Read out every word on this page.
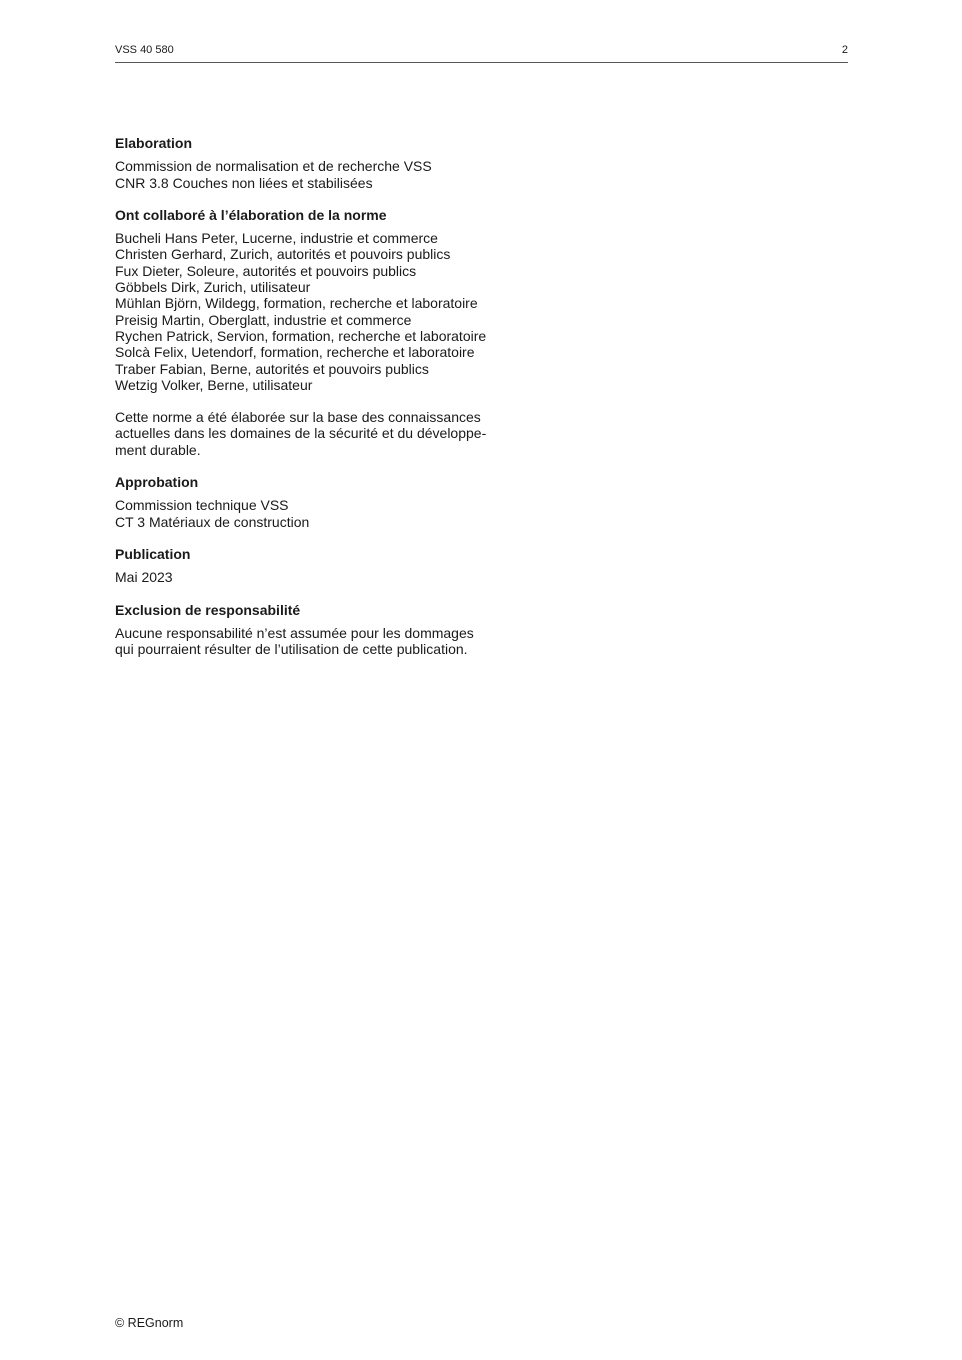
VSS 40 580	2
Elaboration
Commission de normalisation et de recherche VSS
CNR 3.8 Couches non liées et stabilisées
Ont collaboré à l’élaboration de la norme
Bucheli Hans Peter, Lucerne, industrie et commerce
Christen Gerhard, Zurich, autorités et pouvoirs publics
Fux Dieter, Soleure, autorités et pouvoirs publics
Göbbels Dirk, Zurich, utilisateur
Mühlan Björn, Wildegg, formation, recherche et laboratoire
Preisig Martin, Oberglatt, industrie et commerce
Rychen Patrick, Servion, formation, recherche et laboratoire
Solcà Felix, Uetendorf, formation, recherche et laboratoire
Traber Fabian, Berne, autorités et pouvoirs publics
Wetzig Volker, Berne, utilisateur
Cette norme a été élaborée sur la base des connaissances
actuelles dans les domaines de la sécurité et du développe-
ment durable.
Approbation
Commission technique VSS
CT 3 Matériaux de construction
Publication
Mai 2023
Exclusion de responsabilité
Aucune responsabilité n’est assumée pour les dommages
qui pourraient résulter de l’utilisation de cette publication.
© REGnorm
